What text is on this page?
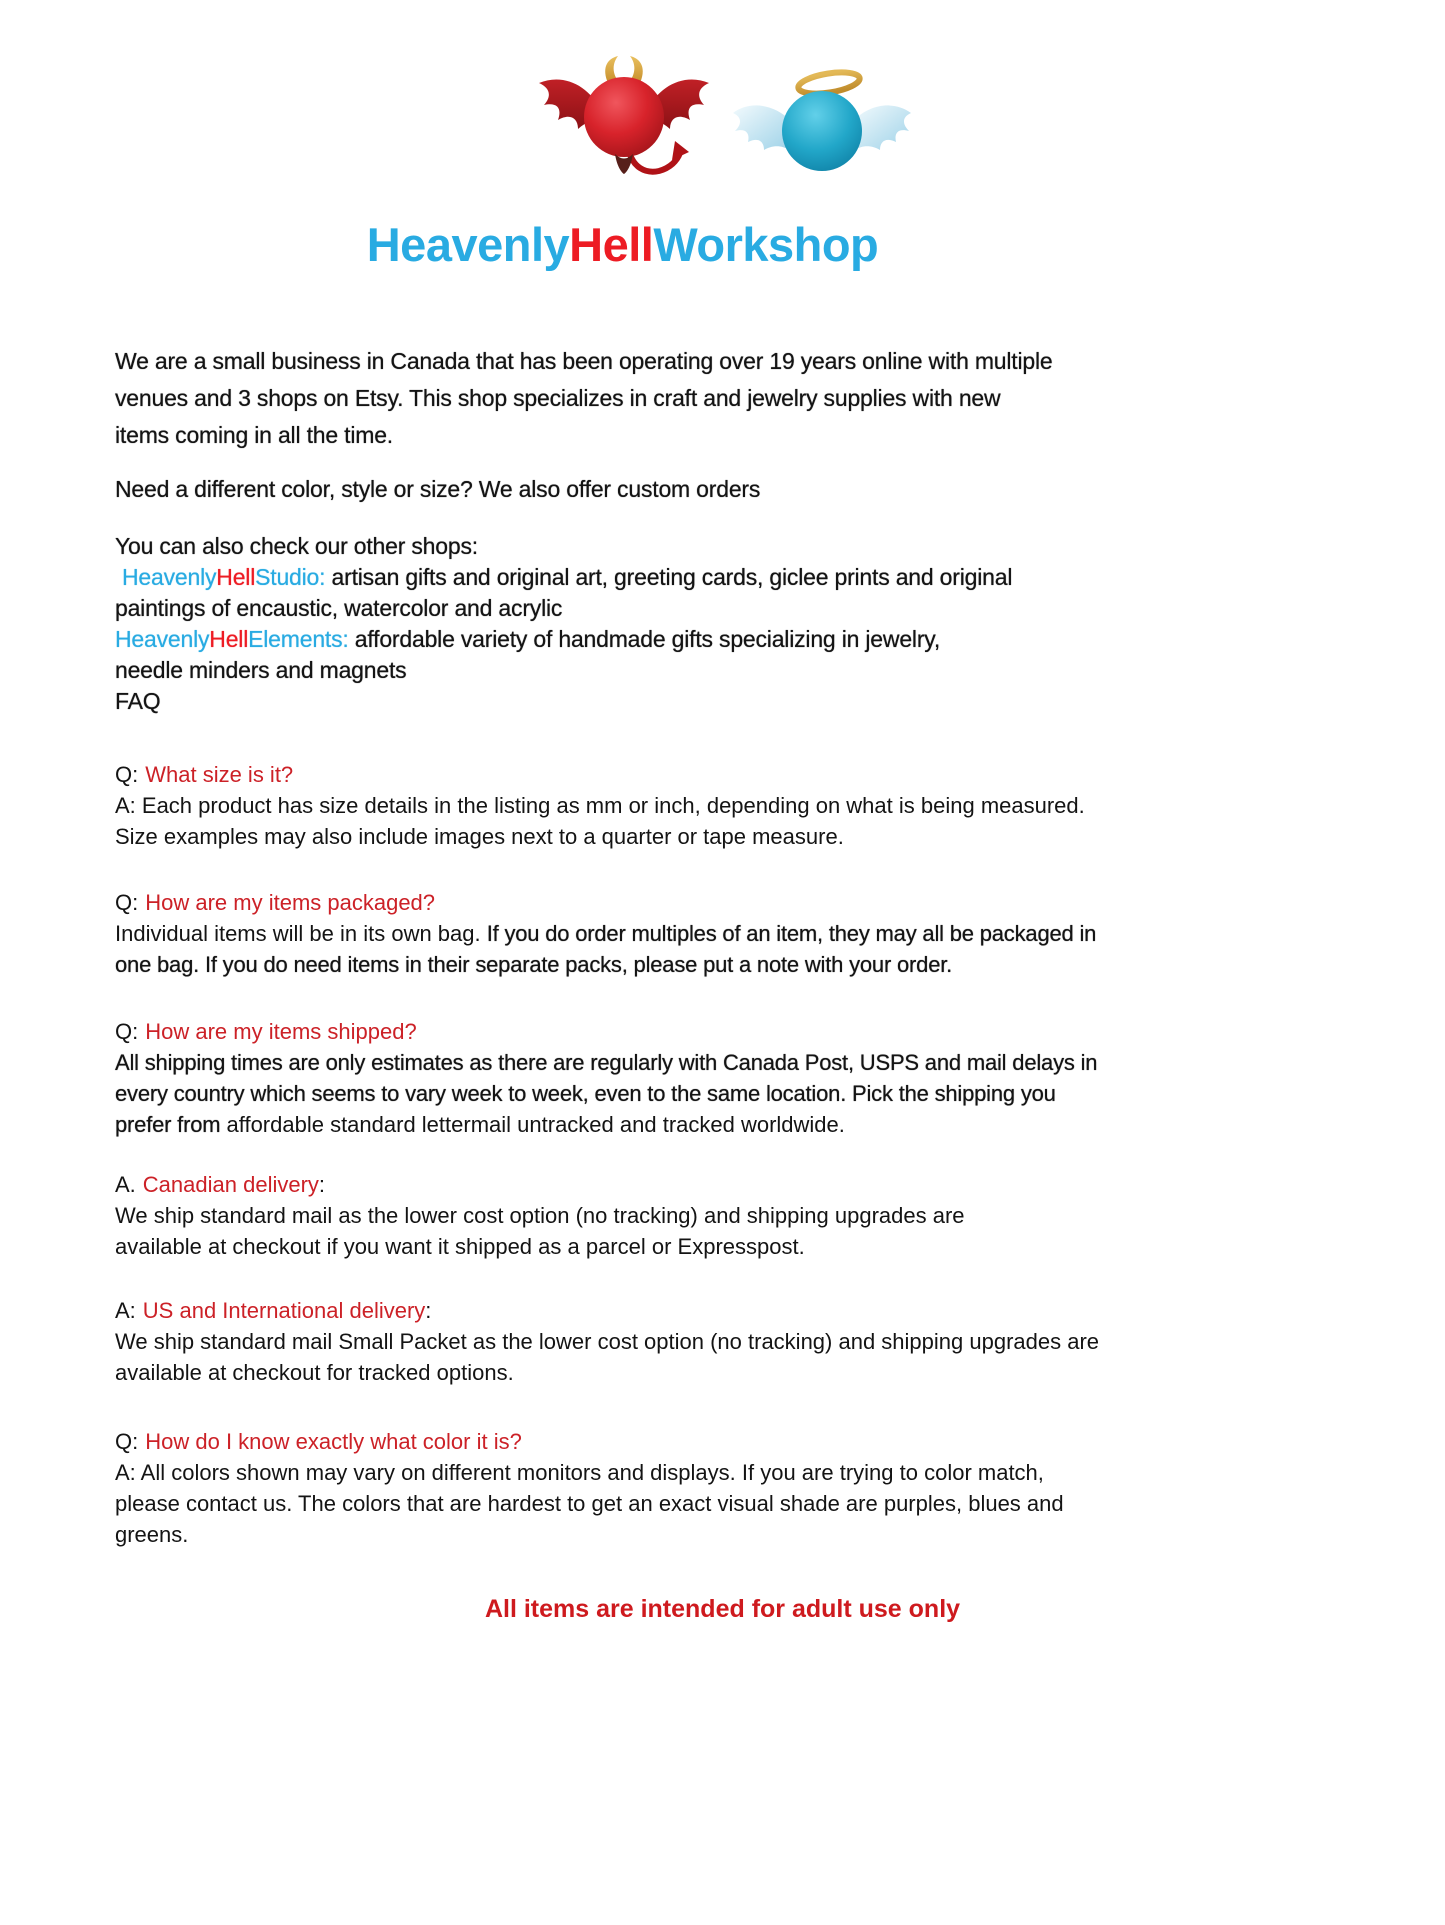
HeavenlyHellWorkshop
We are a small business in Canada that has been operating over 19 years online with multiple
venues and 3 shops on Etsy. This shop specializes in craft and jewelry supplies with new
items coming in all the time.
Need a different color, style or size? We also offer custom orders
You can also check our other shops:
HeavenlyHellStudio: artisan gifts and original art, greeting cards, giclee prints and original
paintings of encaustic, watercolor and acrylic
HeavenlyHellElements: affordable variety of handmade gifts specializing in jewelry,
needle minders and magnets
FAQ
Q: What size is it?
A: Each product has size details in the listing as mm or inch, depending on what is being measured.
Size examples may also include images next to a quarter or tape measure.
Q: How are my items packaged?
Individual items will be in its own bag. If you do order multiples of an item, they may all be packaged in
one bag. If you do need items in their separate packs, please put a note with your order.
Q: How are my items shipped?
All shipping times are only estimates as there are regularly with Canada Post, USPS and mail delays in
every country which seems to vary week to week, even to the same location. Pick the shipping you
prefer from affordable standard lettermail untracked and tracked worldwide.
A. Canadian delivery:
We ship standard mail as the lower cost option (no tracking) and shipping upgrades are
available at checkout if you want it shipped as a parcel or Expresspost.
A: US and International delivery:
We ship standard mail Small Packet as the lower cost option (no tracking) and shipping upgrades are
available at checkout for tracked options.
Q: How do I know exactly what color it is?
A: All colors shown may vary on different monitors and displays. If you are trying to color match,
please contact us. The colors that are hardest to get an exact visual shade are purples, blues and
greens.
All items are intended for adult use only
